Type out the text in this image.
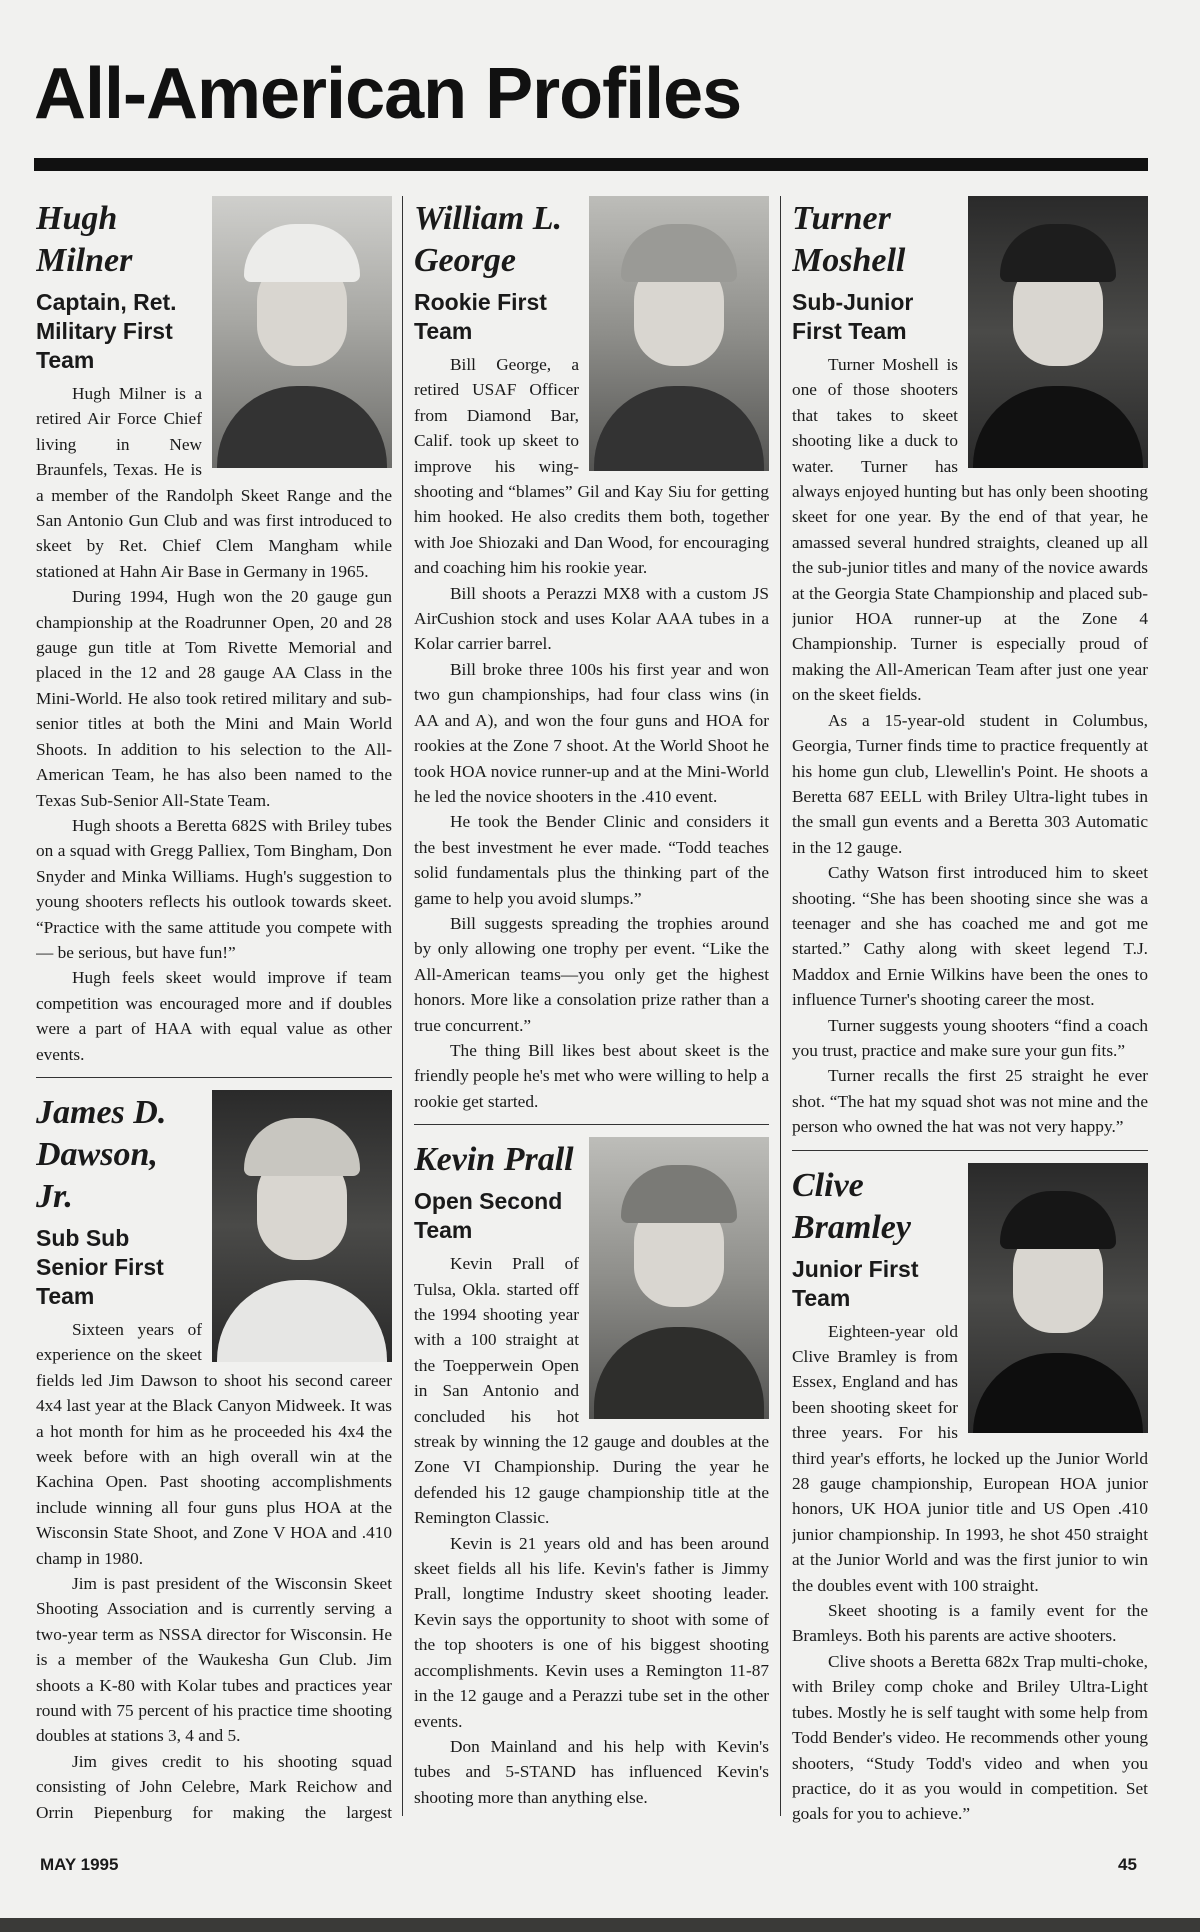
All-American Profiles
Hugh Milner
Captain, Ret. Military First Team

Hugh Milner is a retired Air Force Chief living in New Braunfels, Texas. He is a member of the Randolph Skeet Range and the San Antonio Gun Club and was first introduced to skeet by Ret. Chief Clem Mangham while stationed at Hahn Air Base in Germany in 1965.

During 1994, Hugh won the 20 gauge gun championship at the Roadrunner Open, 20 and 28 gauge gun title at Tom Rivette Memorial and placed in the 12 and 28 gauge AA Class in the Mini-World. He also took retired military and sub-senior titles at both the Mini and Main World Shoots. In addition to his selection to the All-American Team, he has also been named to the Texas Sub-Senior All-State Team.

Hugh shoots a Beretta 682S with Briley tubes on a squad with Gregg Palliex, Tom Bingham, Don Snyder and Minka Williams. Hugh's suggestion to young shooters reflects his outlook towards skeet. “Practice with the same attitude you compete with — be serious, but have fun!”

Hugh feels skeet would improve if team competition was encouraged more and if doubles were a part of HAA with equal value as other events.

James D. Dawson, Jr.
Sub Sub Senior First Team

Sixteen years of experience on the skeet fields led Jim Dawson to shoot his second career 4x4 last year at the Black Canyon Midweek. It was a hot month for him as he proceeded his 4x4 the week before with an high overall win at the Kachina Open. Past shooting accomplishments include winning all four guns plus HOA at the Wisconsin State Shoot, and Zone V HOA and .410 champ in 1980.

Jim is past president of the Wisconsin Skeet Shooting Association and is currently serving a two-year term as NSSA director for Wisconsin. He is a member of the Waukesha Gun Club. Jim shoots a K-80 with Kolar tubes and practices year round with 75 percent of his practice time shooting doubles at stations 3, 4 and 5.

Jim gives credit to his shooting squad consisting of John Celebre, Mark Reichow and Orrin Piepenburg for making the largest

William L. George
Rookie First Team

Bill George, a retired USAF Officer from Diamond Bar, Calif. took up skeet to improve his wing-shooting and “blames” Gil and Kay Siu for getting him hooked. He also credits them both, together with Joe Shiozaki and Dan Wood, for encouraging and coaching him his rookie year.

Bill shoots a Perazzi MX8 with a custom JS AirCushion stock and uses Kolar AAA tubes in a Kolar carrier barrel.

Bill broke three 100s his first year and won two gun championships, had four class wins (in AA and A), and won the four guns and HOA for rookies at the Zone 7 shoot. At the World Shoot he took HOA novice runner-up and at the Mini-World he led the novice shooters in the .410 event.

He took the Bender Clinic and considers it the best investment he ever made. “Todd teaches solid fundamentals plus the thinking part of the game to help you avoid slumps.”

Bill suggests spreading the trophies around by only allowing one trophy per event. “Like the All-American teams—you only get the highest honors. More like a consolation prize rather than a true concurrent.”

The thing Bill likes best about skeet is the friendly people he's met who were willing to help a rookie get started.

Kevin Prall
Open Second Team

Kevin Prall of Tulsa, Okla. started off the 1994 shooting year with a 100 straight at the Toepperwein Open in San Antonio and concluded his hot streak by winning the 12 gauge and doubles at the Zone VI Championship. During the year he defended his 12 gauge championship title at the Remington Classic.

Kevin is 21 years old and has been around skeet fields all his life. Kevin's father is Jimmy Prall, longtime Industry skeet shooting leader. Kevin says the opportunity to shoot with some of the top shooters is one of his biggest shooting accomplishments. Kevin uses a Remington 11-87 in the 12 gauge and a Perazzi tube set in the other events.

Don Mainland and his help with Kevin's tubes and 5-STAND has influenced Kevin's shooting more than anything else.

Turner Moshell
Sub-Junior First Team

Turner Moshell is one of those shooters that takes to skeet shooting like a duck to water. Turner has always enjoyed hunting but has only been shooting skeet for one year. By the end of that year, he amassed several hundred straights, cleaned up all the sub-junior titles and many of the novice awards at the Georgia State Championship and placed sub-junior HOA runner-up at the Zone 4 Championship. Turner is especially proud of making the All-American Team after just one year on the skeet fields.

As a 15-year-old student in Columbus, Georgia, Turner finds time to practice frequently at his home gun club, Llewellin's Point. He shoots a Beretta 687 EELL with Briley Ultra-light tubes in the small gun events and a Beretta 303 Automatic in the 12 gauge.

Cathy Watson first introduced him to skeet shooting. “She has been shooting since she was a teenager and she has coached me and got me started.” Cathy along with skeet legend T.J. Maddox and Ernie Wilkins have been the ones to influence Turner's shooting career the most.

Turner suggests young shooters “find a coach you trust, practice and make sure your gun fits.”

Turner recalls the first 25 straight he ever shot. “The hat my squad shot was not mine and the person who owned the hat was not very happy.”

Clive Bramley
Junior First Team

Eighteen-year old Clive Bramley is from Essex, England and has been shooting skeet for three years. For his third year's efforts, he locked up the Junior World 28 gauge championship, European HOA junior honors, UK HOA junior title and US Open .410 junior championship. In 1993, he shot 450 straight at the Junior World and was the first junior to win the doubles event with 100 straight.

Skeet shooting is a family event for the Bramleys. Both his parents are active shooters.

Clive shoots a Beretta 682x Trap multi-choke, with Briley comp choke and Briley Ultra-Light tubes. Mostly he is self taught with some help from Todd Bender's video. He recommends other young shooters, “Study Todd's video and when you practice, do it as you would in competition. Set goals for you to achieve.”

MAY 1995	45
